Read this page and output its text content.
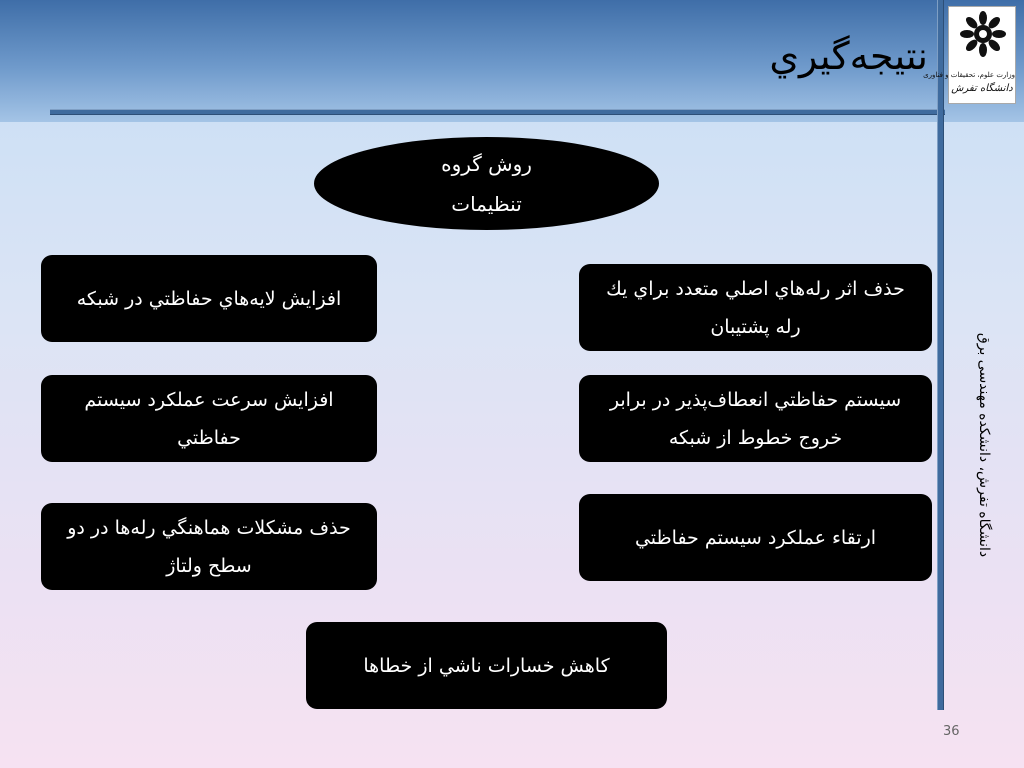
نتيجه‌گيري
وزارت علوم، تحقیقات و فناوری
دانشگاه تفرش
دانشگاه تفرش، دانشکده مهندسی برق
روش گروه
تنظيمات
افزايش لايه‌هاي حفاظتي در شبكه
افزايش سرعت عملكرد سيستم حفاظتي
حذف مشكلات هماهنگي رله‌ها در دو سطح ولتاژ
حذف اثر رله‌هاي اصلي متعدد براي يك رله پشتيبان
سيستم حفاظتي انعطاف‌پذير در برابر خروج خطوط از شبكه
ارتقاء عملكرد سيستم حفاظتي
كاهش خسارات ناشي از خطاها
36
